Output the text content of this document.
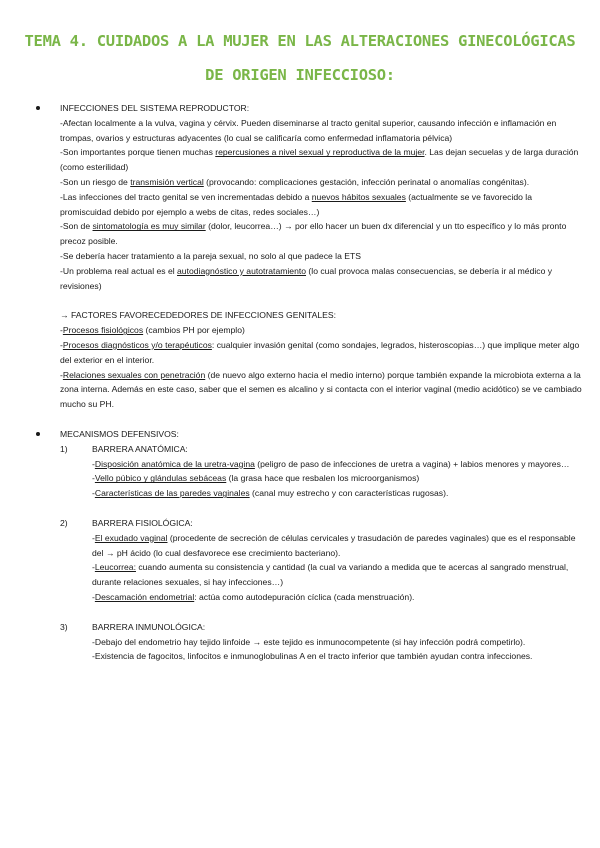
TEMA 4. CUIDADOS A LA MUJER EN LAS ALTERACIONES GINECOLÓGICAS
DE ORIGEN INFECCIOSO:

INFECCIONES DEL SISTEMA REPRODUCTOR:

-Afectan localmente a la vulva, vagina y cérvix. Pueden diseminarse al tracto genital superior, causando infección e inflamación en trompas, ovarios y estructuras adyacentes (lo cual se calificaría como enfermedad inflamatoria pélvica)

-Son importantes porque tienen muchas repercusiones a nivel sexual y reproductiva de la mujer. Las dejan secuelas y de larga duración (como esterilidad)

-Son un riesgo de transmisión vertical (provocando: complicaciones gestación, infección perinatal o anomalías congénitas).

-Las infecciones del tracto genital se ven incrementadas debido a nuevos hábitos sexuales (actualmente se ve favorecido la promiscuidad debido por ejemplo a webs de citas, redes sociales…)

-Son de sintomatología es muy similar (dolor, leucorrea…) → por ello hacer un buen dx diferencial y un tto específico y lo más pronto precoz posible.

-Se debería hacer tratamiento a la pareja sexual, no solo al que padece la ETS

-Un problema real actual es el autodiagnóstico y autotratamiento (lo cual provoca malas consecuencias, se debería ir al médico y revisiones)

→ FACTORES FAVORECEDEDORES DE INFECCIONES GENITALES:

-Procesos fisiológicos (cambios PH por ejemplo)

-Procesos diagnósticos y/o terapéuticos: cualquier invasión genital (como sondajes, legrados, histeroscopias…) que implique meter algo del exterior en el interior.

-Relaciones sexuales con penetración (de nuevo algo externo hacia el medio interno) porque también expande la microbiota externa a la zona interna. Además en este caso, saber que el semen es alcalino y si contacta con el interior vaginal (medio acidótico) se ve cambiado mucho su PH.

MECANISMOS DEFENSIVOS:

1)	BARRERA ANATÓMICA:

-Disposición anatómica de la uretra-vagina (peligro de paso de infecciones de uretra a vagina) + labios menores y mayores…

-Vello púbico y glándulas sebáceas (la grasa hace que resbalen los microorganismos)

-Características de las paredes vaginales (canal muy estrecho y con características rugosas).

2)	BARRERA FISIOLÓGICA:

-El exudado vaginal (procedente de secreción de células cervicales y trasudación de paredes vaginales) que es el responsable del → pH ácido (lo cual desfavorece ese crecimiento bacteriano).

-Leucorrea: cuando aumenta su consistencia y cantidad (la cual va variando a medida que te acercas al sangrado menstrual, durante relaciones sexuales, si hay infecciones…)

-Descamación endometrial: actúa como autodepuración cíclica (cada menstruación).

3)	BARRERA INMUNOLÓGICA:

-Debajo del endometrio hay tejido linfoide → este tejido es inmunocompetente (si hay infección podrá competirlo).

-Existencia de fagocitos, linfocitos e inmunoglobulinas A en el tracto inferior que también ayudan contra infecciones.
